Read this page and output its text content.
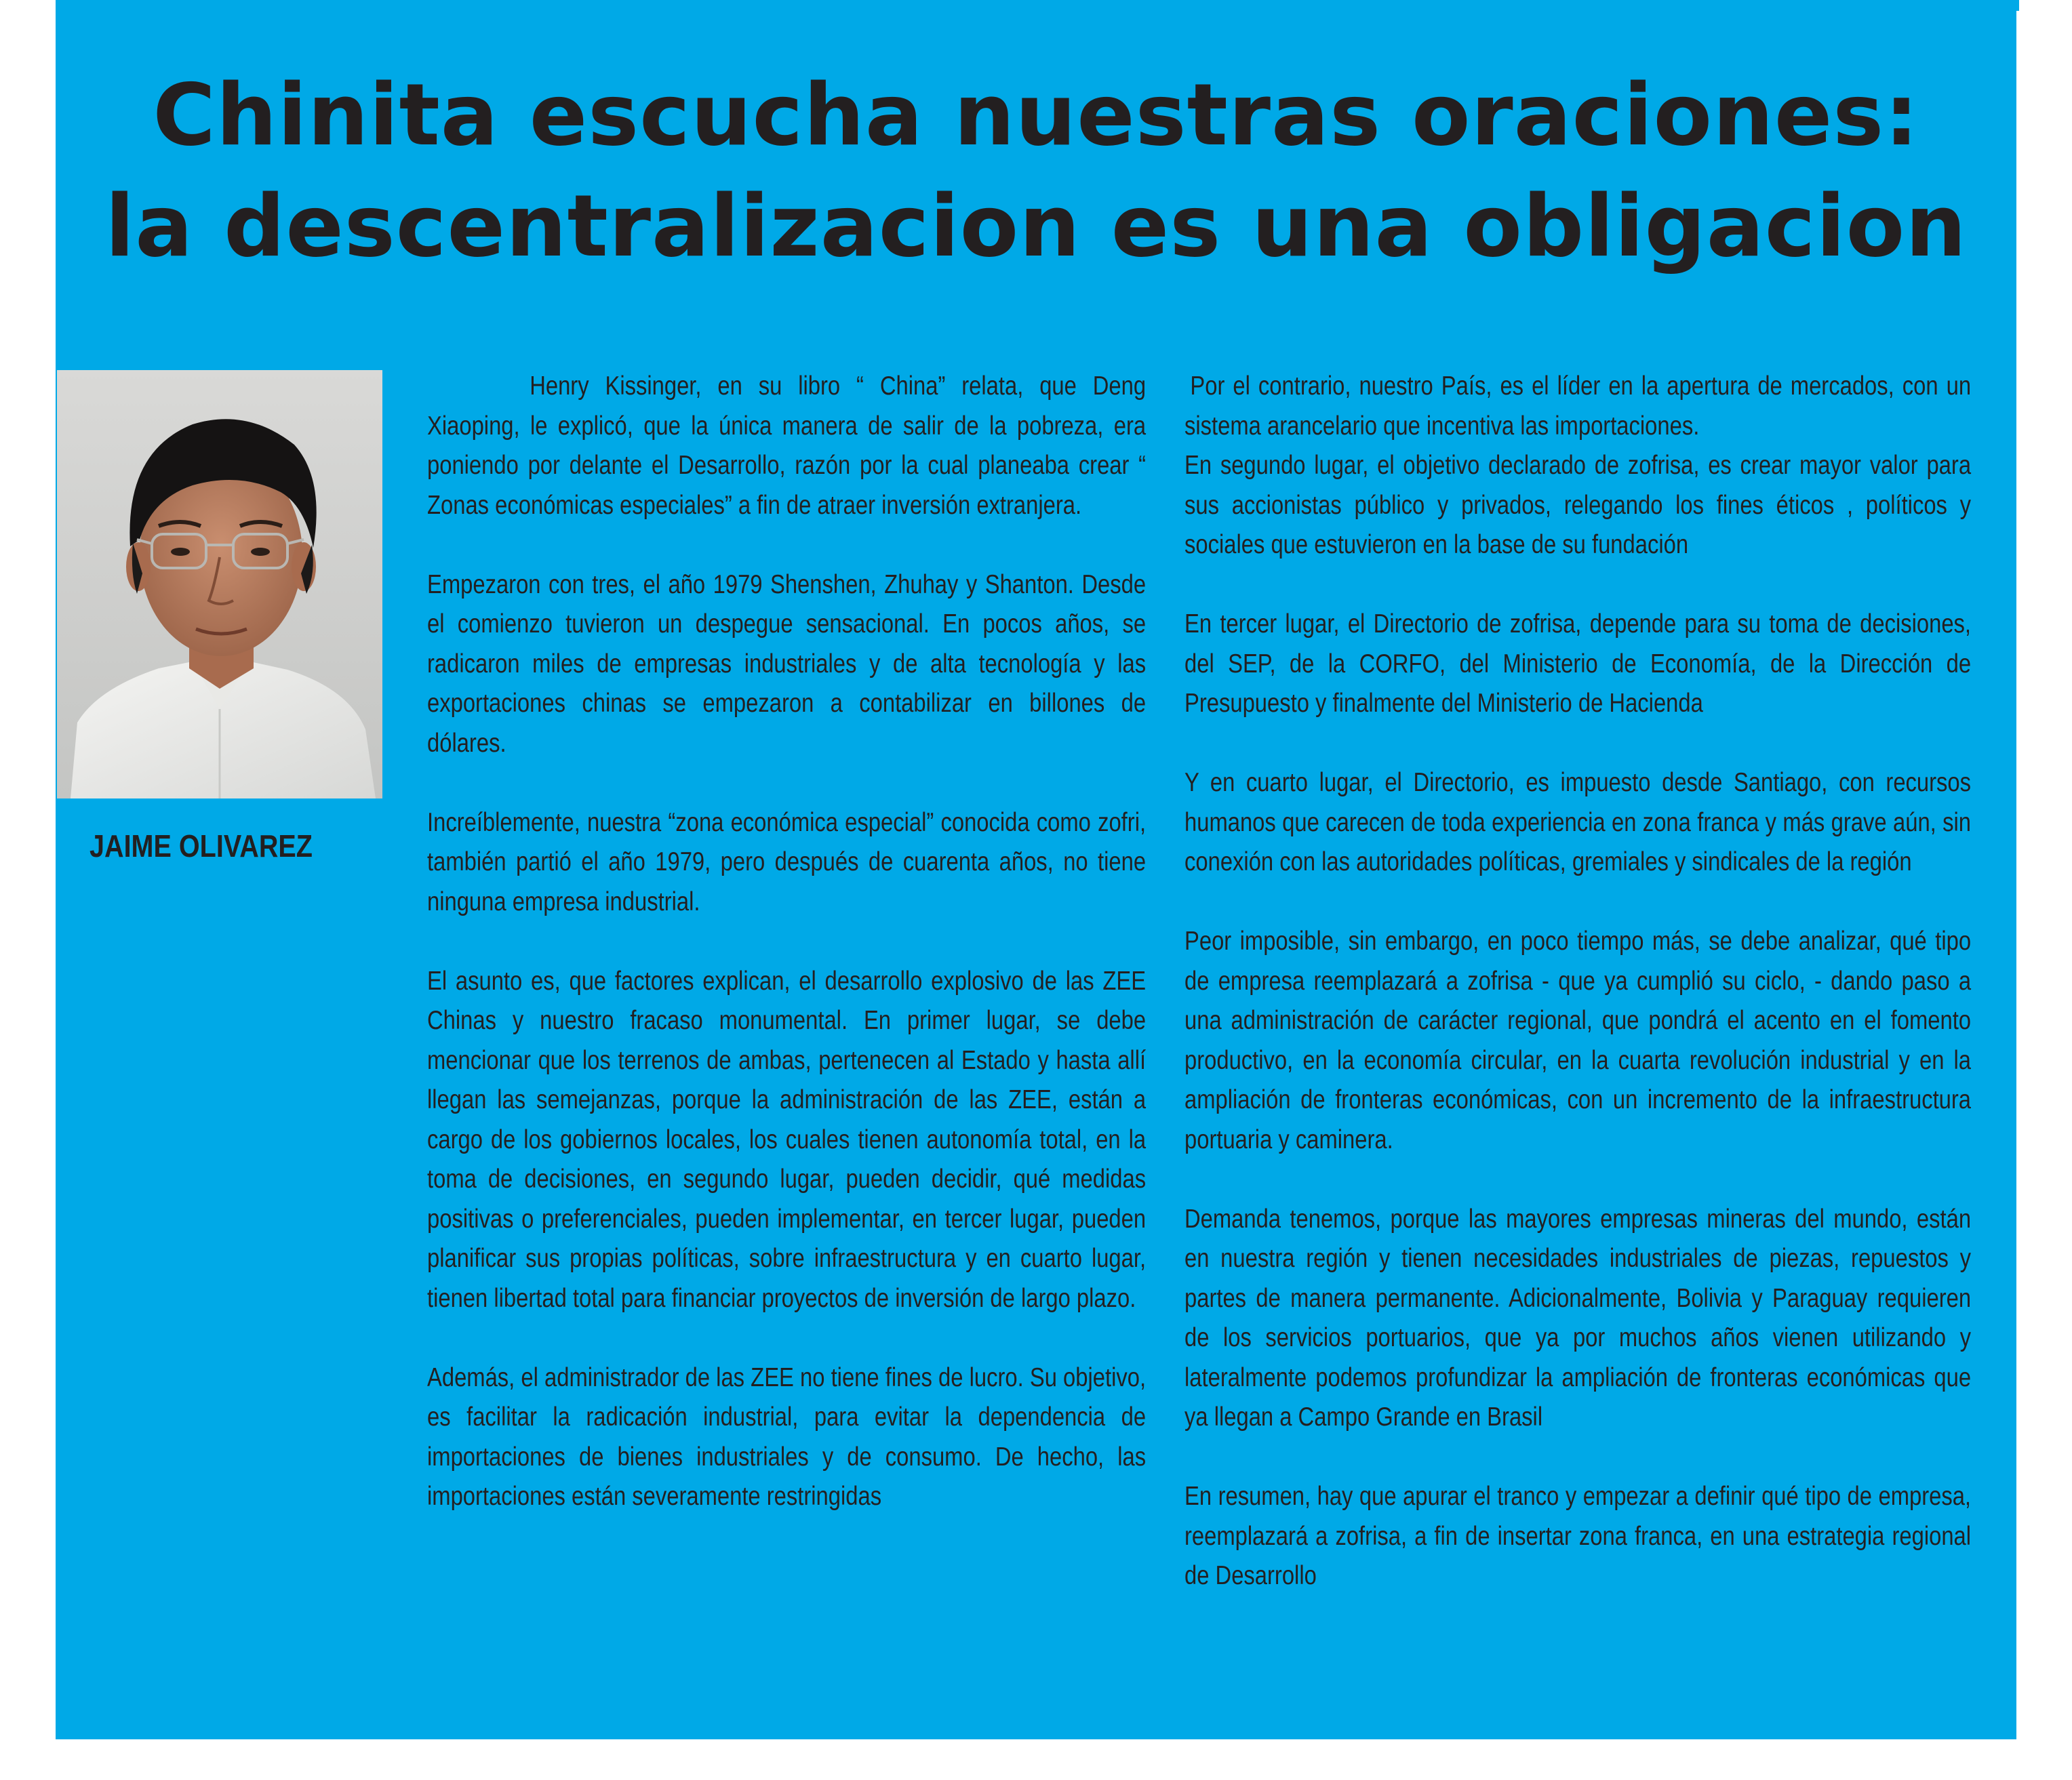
Chinita escucha nuestras oraciones:
la descentralizacion es una obligacion

JAIME OLIVAREZ

Henry Kissinger, en su libro “ China” relata, que Deng Xiaoping, le explicó, que la única manera de salir de la pobreza, era poniendo por delante el Desarrollo, razón por la cual planeaba crear “ Zonas económicas especiales” a fin de atraer inversión extranjera.

Empezaron con tres, el año 1979 Shenshen, Zhuhay y Shanton. Desde el comienzo tuvieron un despegue sensacional. En pocos años, se radicaron miles de empresas industriales y de alta tecnología y las exportaciones chinas se empezaron a contabilizar en billones de dólares.

Increíblemente, nuestra “zona económica especial” conocida como zofri, también partió el año 1979, pero después de cuarenta años, no tiene ninguna empresa industrial.

El asunto es, que factores explican, el desarrollo explosivo de las ZEE Chinas y nuestro fracaso monumental. En primer lugar, se debe mencionar que los terrenos de ambas, pertenecen al Estado y hasta allí llegan las semejanzas, porque la administración de las ZEE, están a cargo de los gobiernos locales, los cuales tienen autonomía total, en la toma de decisiones, en segundo lugar, pueden decidir, qué medidas positivas o preferenciales, pueden implementar, en tercer lugar, pueden planificar sus propias políticas, sobre infraestructura y en cuarto lugar, tienen libertad total para financiar proyectos de inversión de largo plazo.

Además, el administrador de las ZEE no tiene fines de lucro. Su objetivo, es facilitar la radicación industrial, para evitar la dependencia de importaciones de bienes industriales y de consumo. De hecho, las importaciones están severamente restringidas

Por el contrario, nuestro País, es el líder en la apertura de mercados, con un sistema arancelario que incentiva las importaciones.
En segundo lugar, el objetivo declarado de zofrisa, es crear mayor valor para sus accionistas público y privados, relegando los fines éticos , políticos y sociales que estuvieron en la base de su fundación

En tercer lugar, el Directorio de zofrisa, depende para su toma de decisiones, del SEP, de la CORFO, del Ministerio de Economía, de la Dirección de Presupuesto y finalmente del Ministerio de Hacienda

Y en cuarto lugar, el Directorio, es impuesto desde Santiago, con recursos humanos que carecen de toda experiencia en zona franca y más grave aún, sin conexión con las autoridades políticas, gremiales y sindicales de la región

Peor imposible, sin embargo, en poco tiempo más, se debe analizar, qué tipo de empresa reemplazará a zofrisa - que ya cumplió su ciclo, - dando paso a una administración de carácter regional, que pondrá el acento en el fomento productivo, en la economía circular, en la cuarta revolución industrial y en la ampliación de fronteras económicas, con un incremento de la infraestructura portuaria y caminera.

Demanda tenemos, porque las mayores empresas mineras del mundo, están en nuestra región y tienen necesidades industriales de piezas, repuestos y partes de manera permanente. Adicionalmente, Bolivia y Paraguay requieren de los servicios portuarios, que ya por muchos años vienen utilizando y lateralmente podemos profundizar la ampliación de fronteras económicas que ya llegan a Campo Grande en Brasil

En resumen, hay que apurar el tranco y empezar a definir qué tipo de empresa, reemplazará a zofrisa, a fin de insertar zona franca, en una estrategia regional de Desarrollo
